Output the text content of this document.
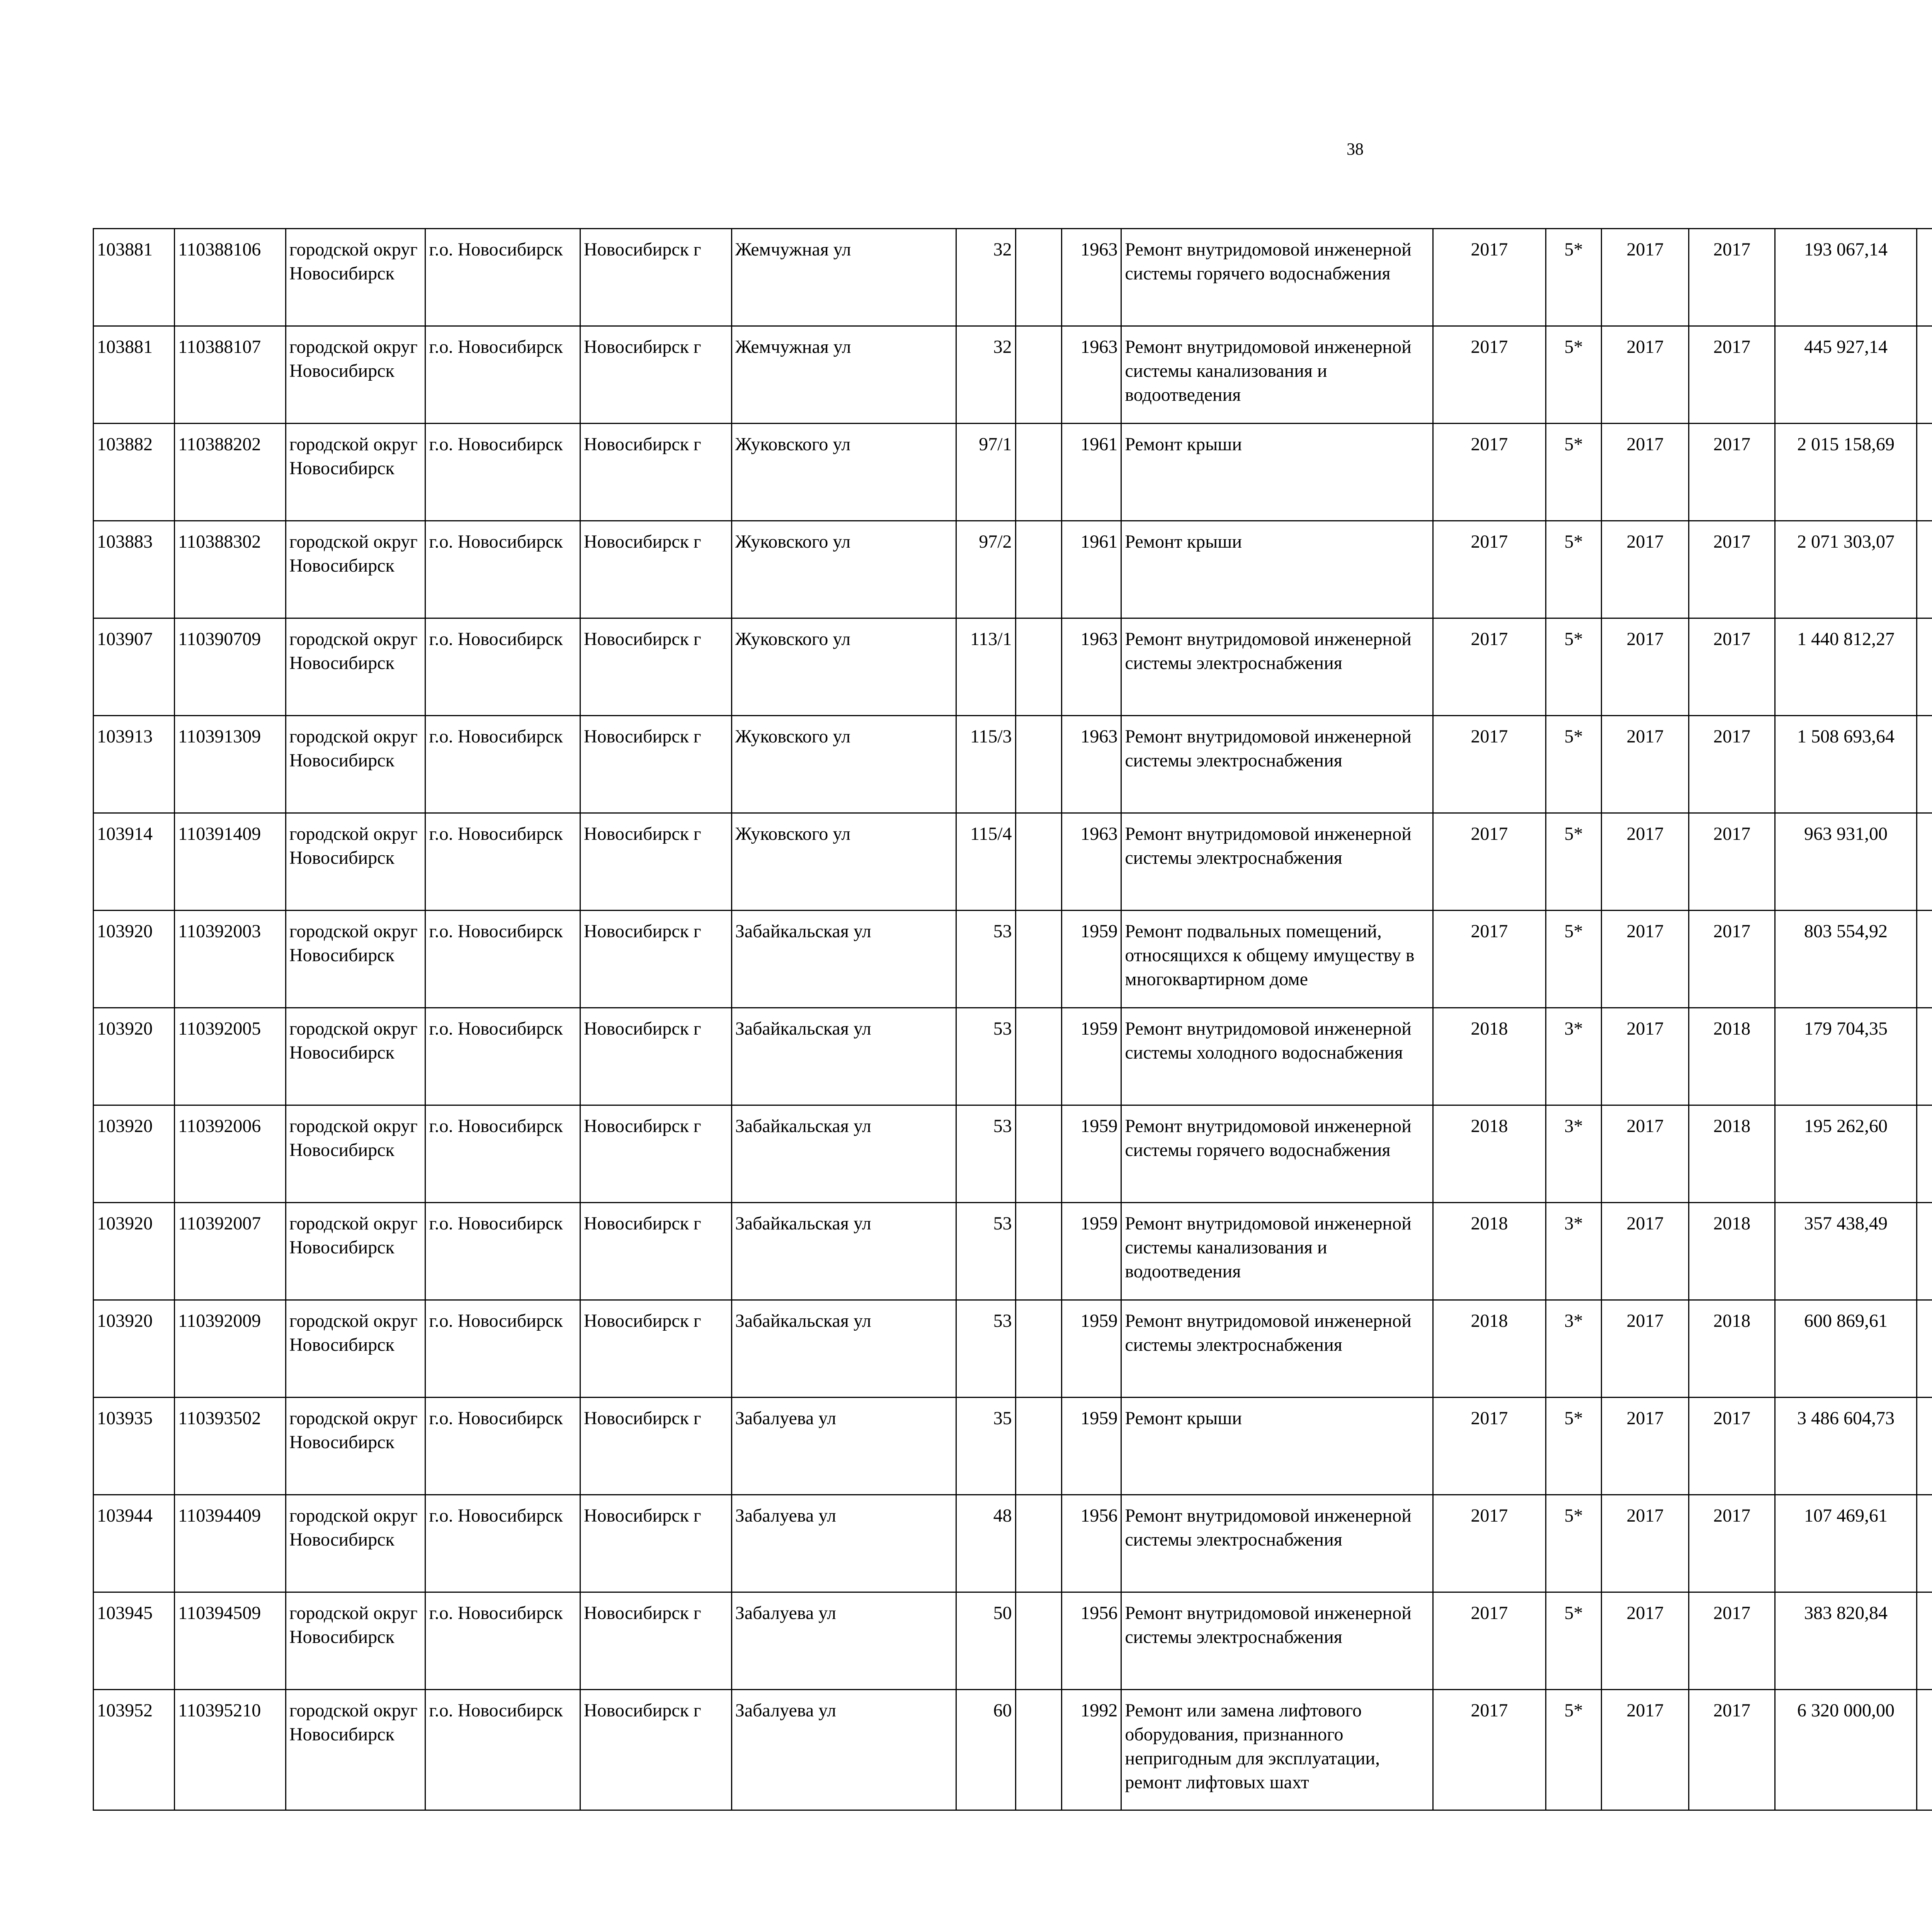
38
103881	110388106	городской округ Новосибирск	г.о. Новосибирск	Новосибирск г	Жемчужная ул	32		1963	Ремонт внутридомовой инженерной системы горячего водоснабжения	2017	5*	2017	2017	193 067,14						
103881	110388107	городской округ Новосибирск	г.о. Новосибирск	Новосибирск г	Жемчужная ул	32		1963	Ремонт внутридомовой инженерной системы канализования и водоотведения	2017	5*	2017	2017	445 927,14						
103882	110388202	городской округ Новосибирск	г.о. Новосибирск	Новосибирск г	Жуковского ул	97/1		1961	Ремонт крыши	2017	5*	2017	2017	2 015 158,69						
103883	110388302	городской округ Новосибирск	г.о. Новосибирск	Новосибирск г	Жуковского ул	97/2		1961	Ремонт крыши	2017	5*	2017	2017	2 071 303,07						
103907	110390709	городской округ Новосибирск	г.о. Новосибирск	Новосибирск г	Жуковского ул	113/1		1963	Ремонт внутридомовой инженерной системы электроснабжения	2017	5*	2017	2017	1 440 812,27						
103913	110391309	городской округ Новосибирск	г.о. Новосибирск	Новосибирск г	Жуковского ул	115/3		1963	Ремонт внутридомовой инженерной системы электроснабжения	2017	5*	2017	2017	1 508 693,64						
103914	110391409	городской округ Новосибирск	г.о. Новосибирск	Новосибирск г	Жуковского ул	115/4		1963	Ремонт внутридомовой инженерной системы электроснабжения	2017	5*	2017	2017	963 931,00						
103920	110392003	городской округ Новосибирск	г.о. Новосибирск	Новосибирск г	Забайкальская ул	53		1959	Ремонт подвальных помещений, относящихся к общему имуществу в многоквартирном доме	2017	5*	2017	2017	803 554,92						
103920	110392005	городской округ Новосибирск	г.о. Новосибирск	Новосибирск г	Забайкальская ул	53		1959	Ремонт внутридомовой инженерной системы холодного водоснабжения	2018	3*	2017	2018	179 704,35						
103920	110392006	городской округ Новосибирск	г.о. Новосибирск	Новосибирск г	Забайкальская ул	53		1959	Ремонт внутридомовой инженерной системы горячего водоснабжения	2018	3*	2017	2018	195 262,60						
103920	110392007	городской округ Новосибирск	г.о. Новосибирск	Новосибирск г	Забайкальская ул	53		1959	Ремонт внутридомовой инженерной системы канализования и водоотведения	2018	3*	2017	2018	357 438,49						
103920	110392009	городской округ Новосибирск	г.о. Новосибирск	Новосибирск г	Забайкальская ул	53		1959	Ремонт внутридомовой инженерной системы электроснабжения	2018	3*	2017	2018	600 869,61						
103935	110393502	городской округ Новосибирск	г.о. Новосибирск	Новосибирск г	Забалуева ул	35		1959	Ремонт крыши	2017	5*	2017	2017	3 486 604,73						
103944	110394409	городской округ Новосибирск	г.о. Новосибирск	Новосибирск г	Забалуева ул	48		1956	Ремонт внутридомовой инженерной системы электроснабжения	2017	5*	2017	2017	107 469,61						
103945	110394509	городской округ Новосибирск	г.о. Новосибирск	Новосибирск г	Забалуева ул	50		1956	Ремонт внутридомовой инженерной системы электроснабжения	2017	5*	2017	2017	383 820,84						
103952	110395210	городской округ Новосибирск	г.о. Новосибирск	Новосибирск г	Забалуева ул	60		1992	Ремонт или замена лифтового оборудования, признанного непригодным для эксплуатации, ремонт лифтовых шахт	2017	5*	2017	2017	6 320 000,00						
